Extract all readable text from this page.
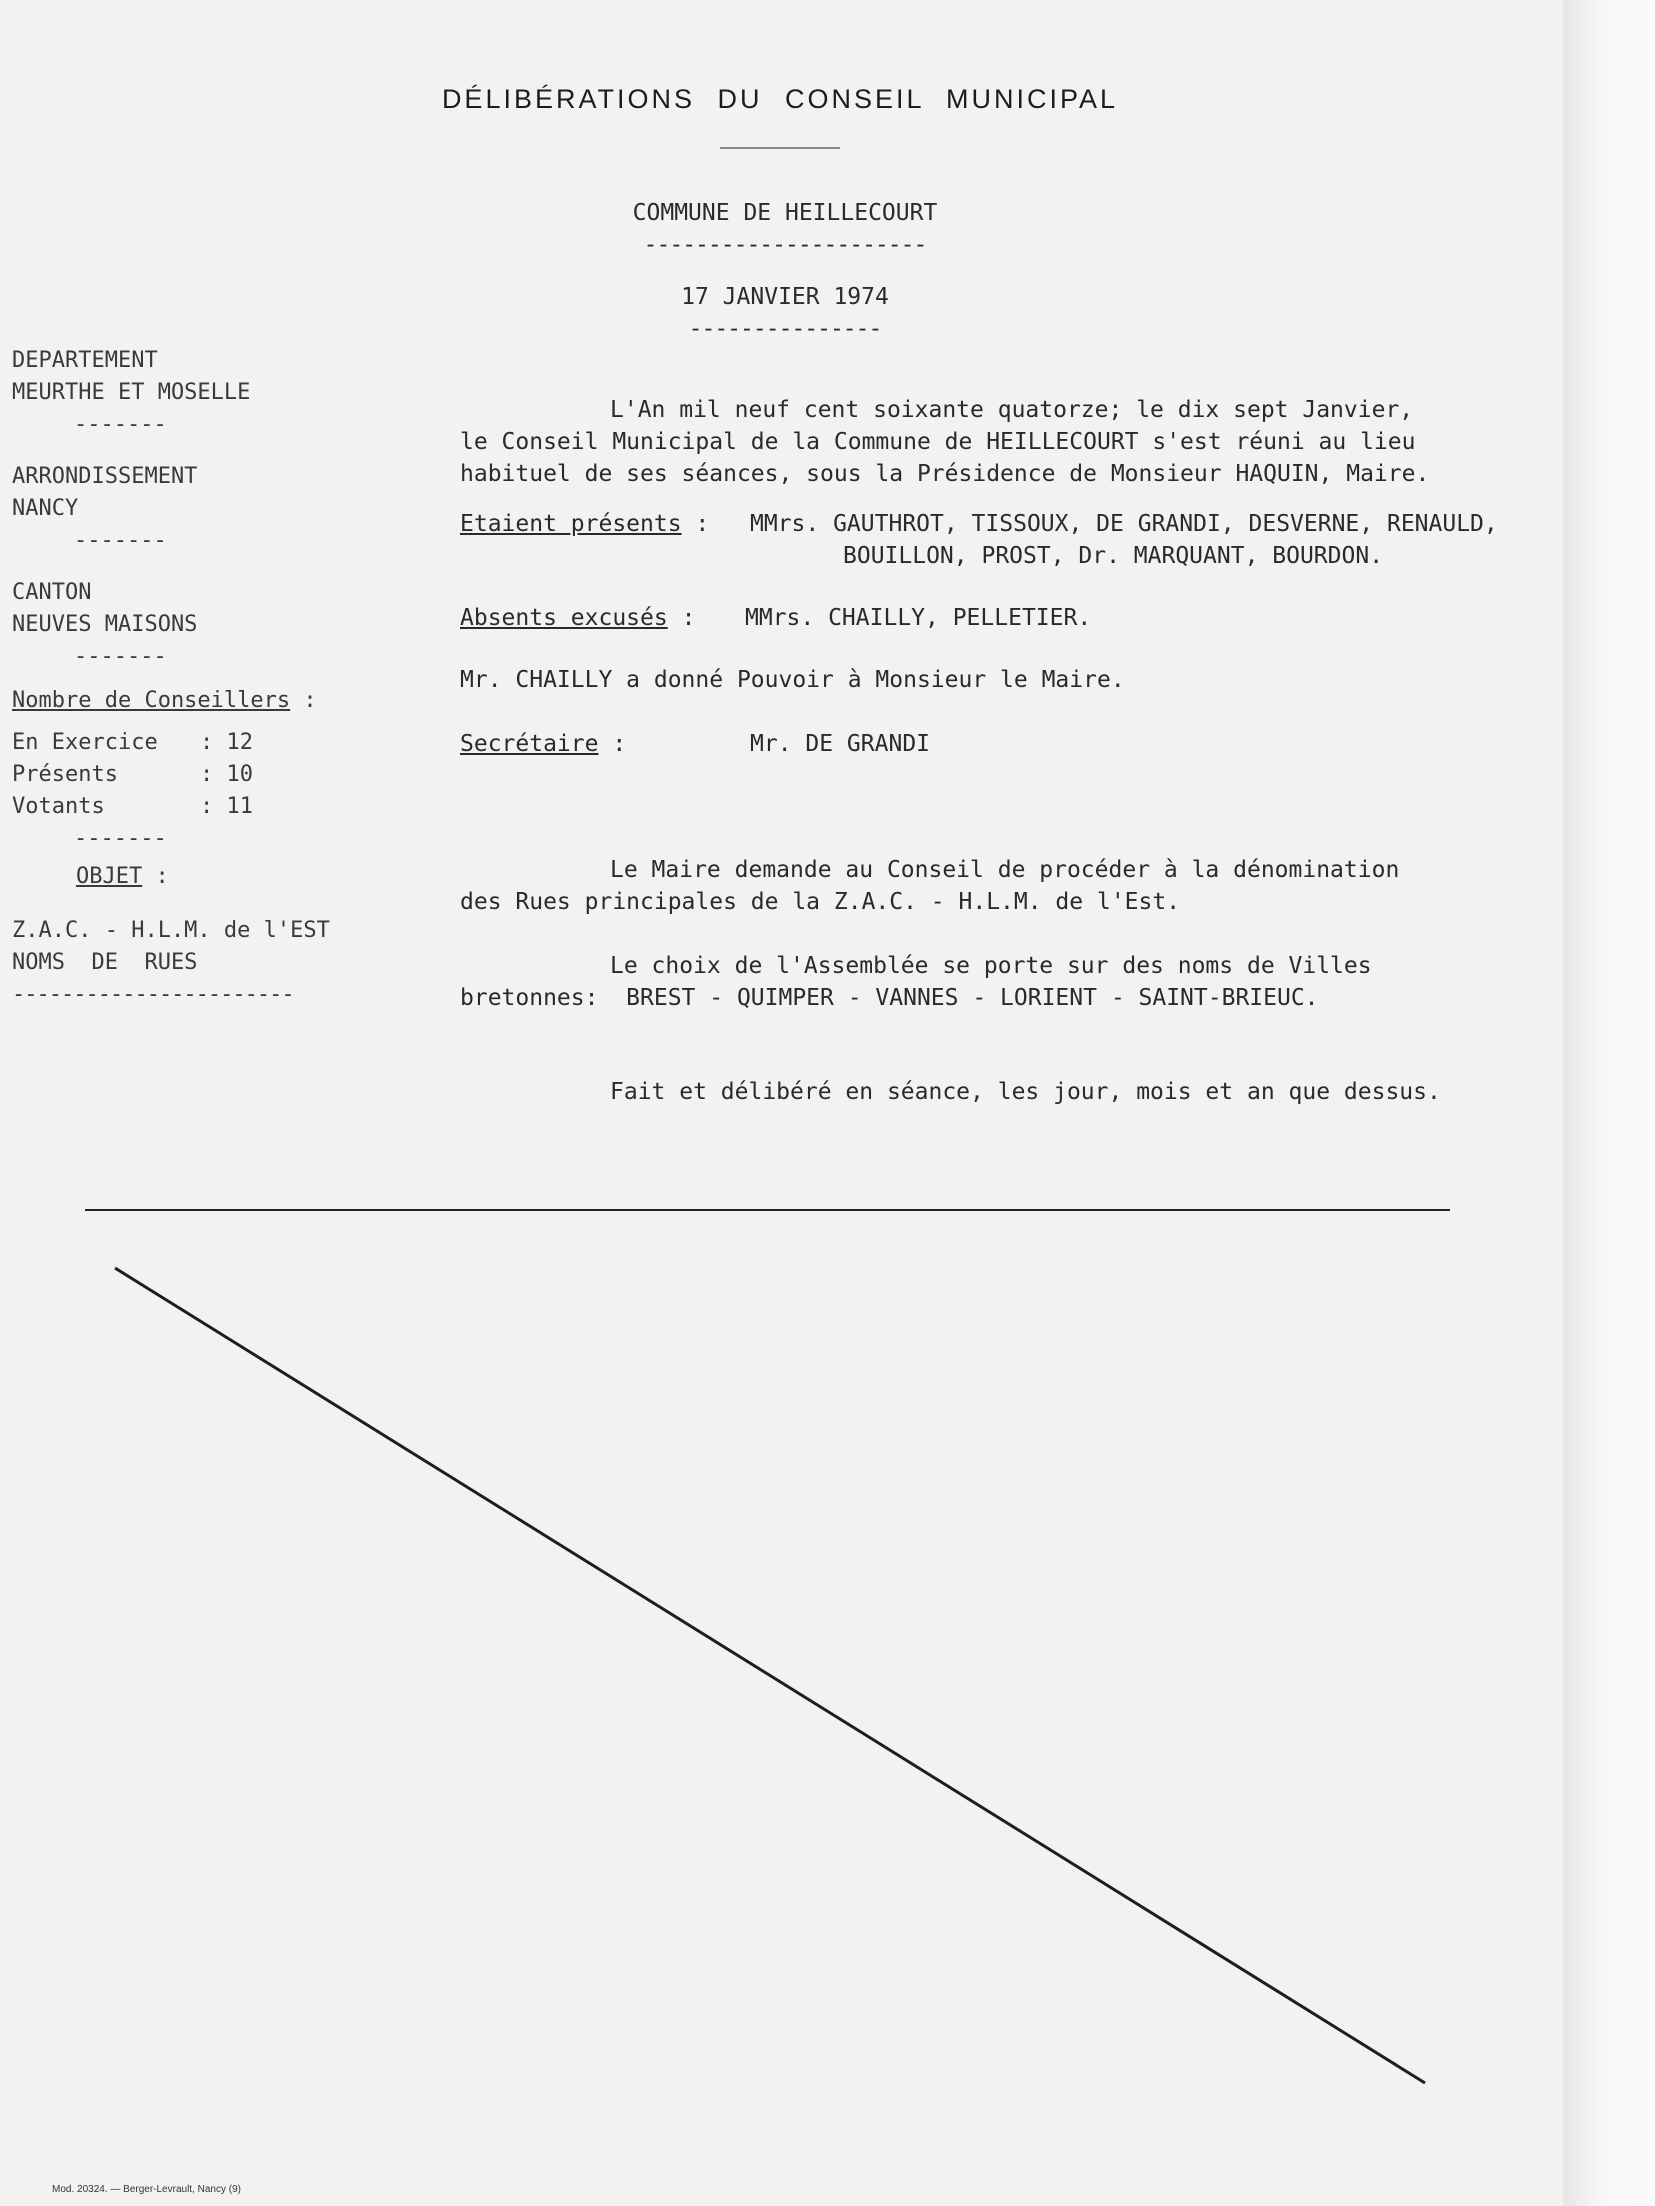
DÉLIBÉRATIONS DU CONSEIL MUNICIPAL
COMMUNE DE HEILLECOURT
----------------------
17 JANVIER 1974
---------------
DEPARTEMENT
MEURTHE ET MOSELLE
-------
ARRONDISSEMENT
NANCY
-------
CANTON
NEUVES MAISONS
-------
Nombre de Conseillers :
En Exercice	: 12
Présents	: 10
Votants	: 11
-------
OBJET :
Z.A.C. - H.L.M. de l'EST
NOMS  DE  RUES
-----------------------

L'An mil neuf cent soixante quatorze; le dix sept Janvier,

le Conseil Municipal de la Commune de HEILLECOURT s'est réuni au lieu

habituel de ses séances, sous la Présidence de Monsieur HAQUIN, Maire.

Etaient présents :	MMrs. GAUTHROT, TISSOUX, DE GRANDI, DESVERNE, RENAULD,

BOUILLON, PROST, Dr. MARQUANT, BOURDON.

Absents excusés :	MMrs. CHAILLY, PELLETIER.

Mr. CHAILLY a donné Pouvoir à Monsieur le Maire.

Secrétaire :	Mr. DE GRANDI

Le Maire demande au Conseil de procéder à la dénomination

des Rues principales de la Z.A.C. - H.L.M. de l'Est.

Le choix de l'Assemblée se porte sur des noms de Villes

bretonnes:  BREST - QUIMPER - VANNES - LORIENT - SAINT-BRIEUC.

Fait et délibéré en séance, les jour, mois et an que dessus.

Mod. 20324. — Berger-Levrault, Nancy (9)
